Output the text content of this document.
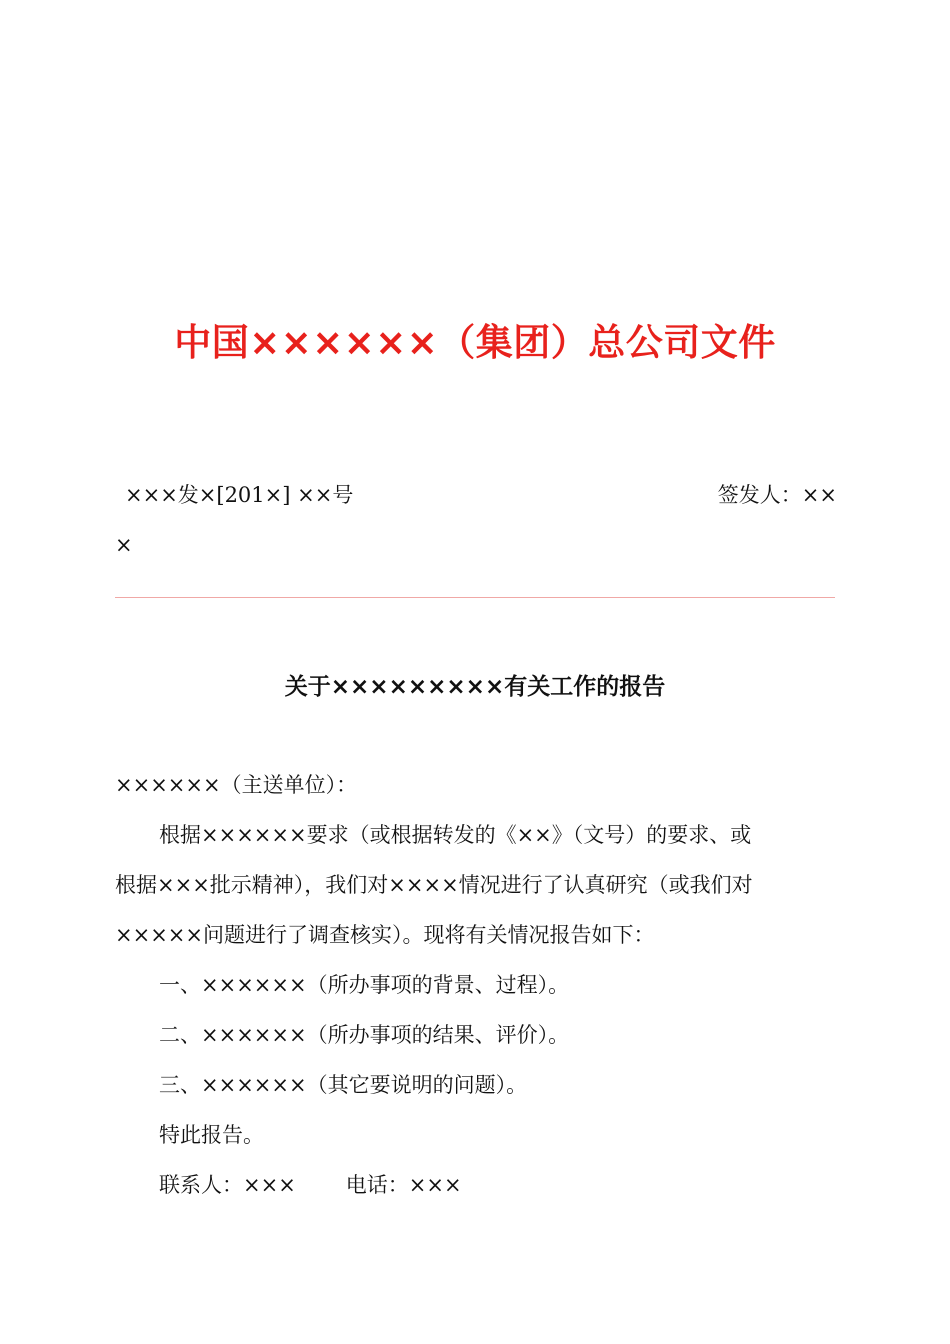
中国××××××（集团）总公司文件
×××发×[201×] ××号	签发人：××
×
关于×××××××××有关工作的报告
××××××（主送单位）：
根据××××××要求（或根据转发的《××》（文号）的要求、或
根据×××批示精神），我们对××××情况进行了认真研究（或我们对
×××××问题进行了调查核实）。现将有关情况报告如下：
一、××××××（所办事项的背景、过程）。
二、××××××（所办事项的结果、评价）。
三、××××××（其它要说明的问题）。
特此报告。
联系人：××× 电话：×××
